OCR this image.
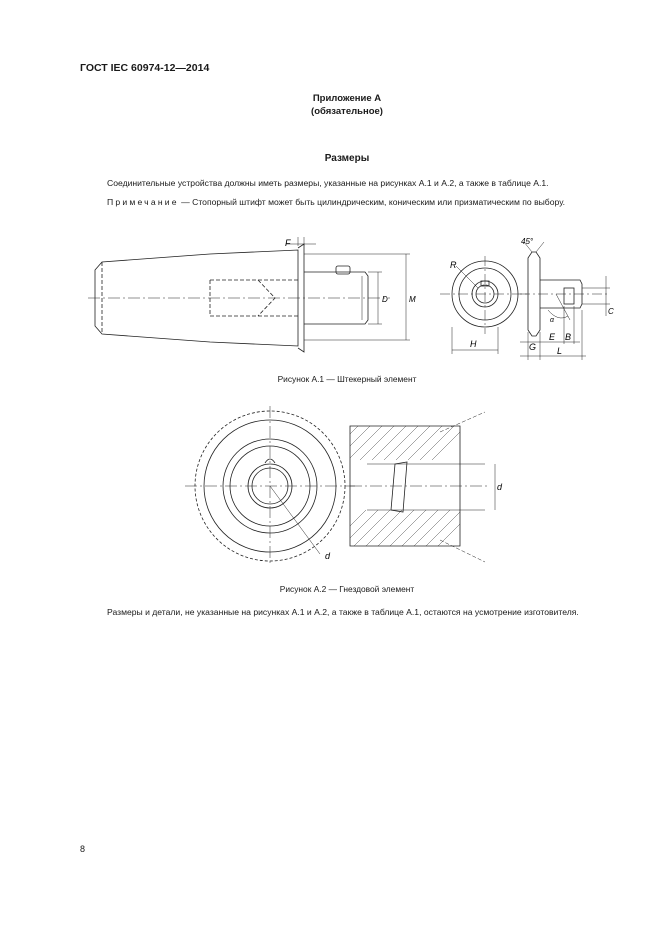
ГОСТ IEC 60974-12—2014
Приложение А
(обязательное)
Размеры
Соединительные устройства должны иметь размеры, указанные на рисунках А.1 и А.2, а также в таблице А.1.
Примечание — Стопорный штифт может быть цилиндрическим, коническим или призматическим по выбору.
F
D	M
R
H	G
E B
L
C
45°
α
Рисунок А.1 — Штекерный элемент
d
d
Рисунок А.2 — Гнездовой элемент
Размеры и детали, не указанные на рисунках А.1 и А.2, а также в таблице А.1, остаются на усмотрение изготовителя.
8
